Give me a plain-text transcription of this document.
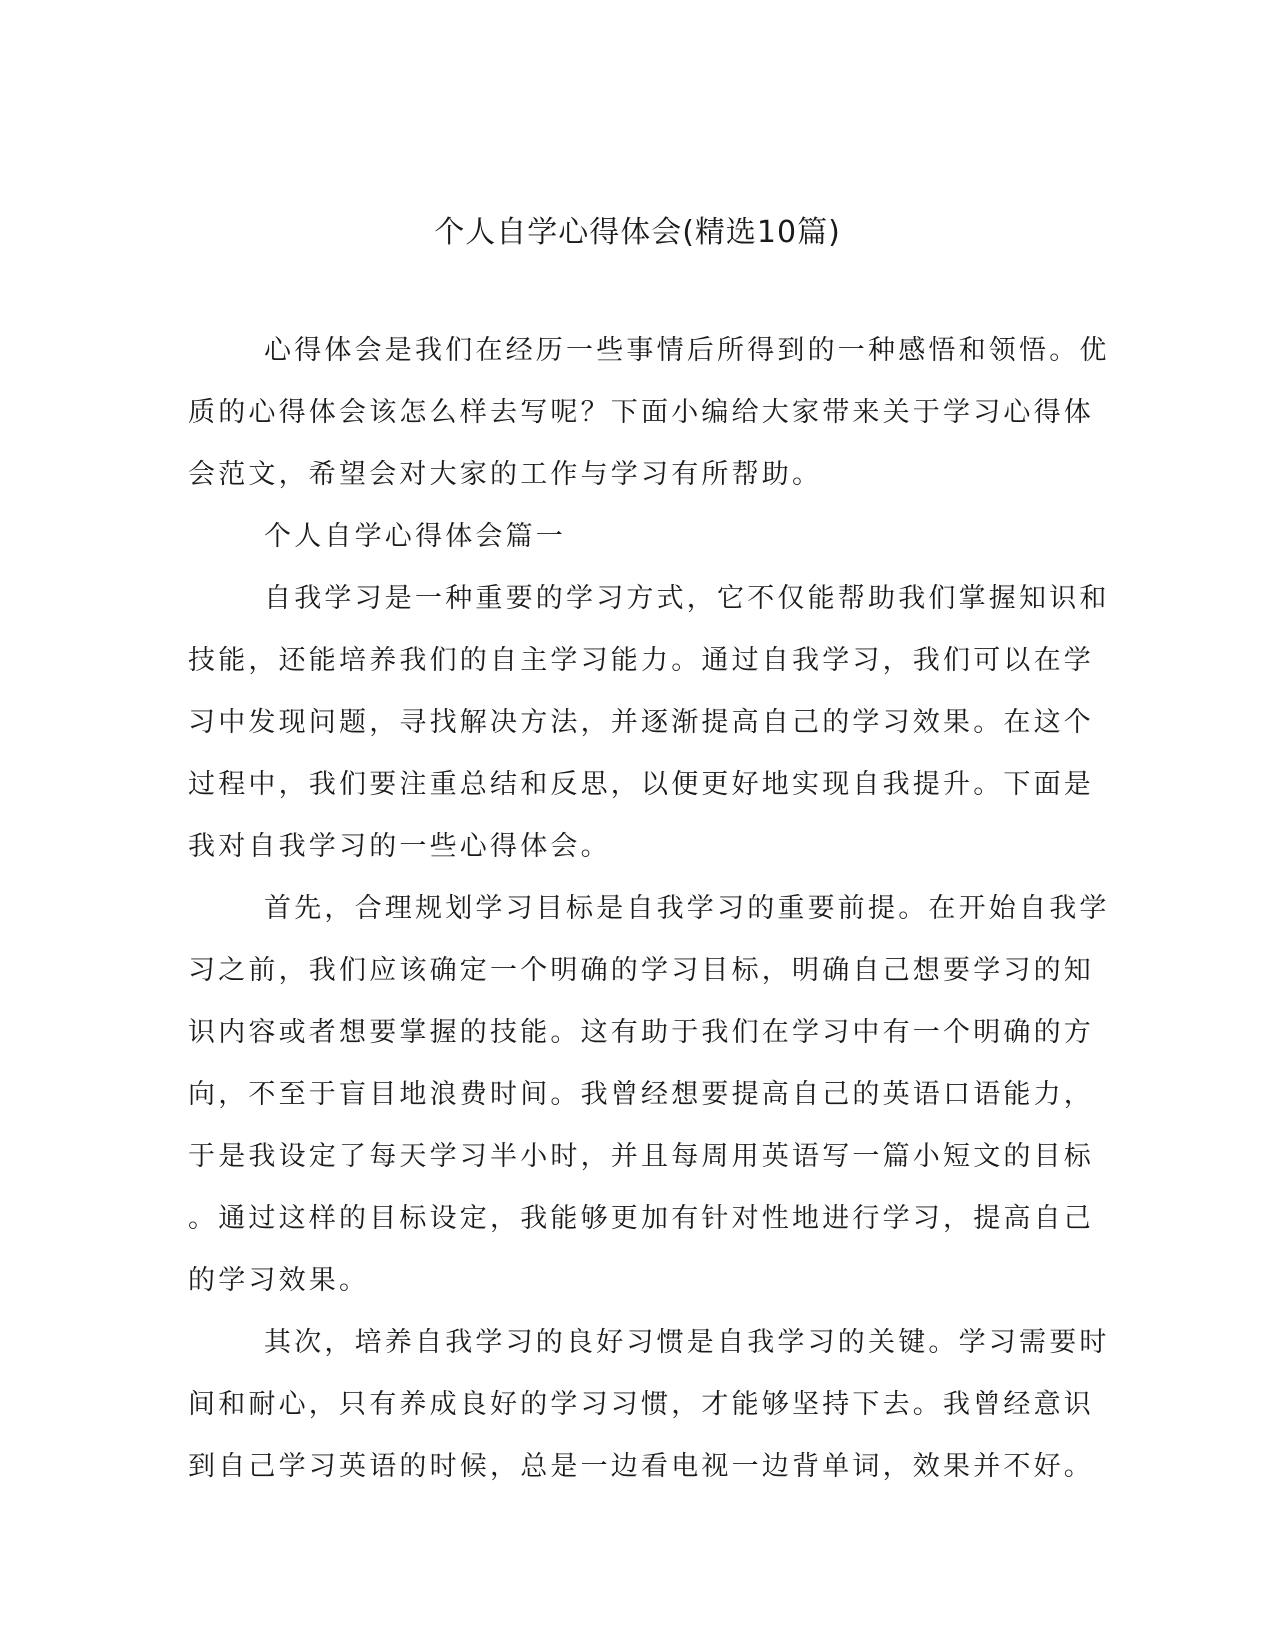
个人自学心得体会(精选10篇)
心得体会是我们在经历一些事情后所得到的一种感悟和领悟。优
质的心得体会该怎么样去写呢？下面小编给大家带来关于学习心得体
会范文，希望会对大家的工作与学习有所帮助。
个人自学心得体会篇一
自我学习是一种重要的学习方式，它不仅能帮助我们掌握知识和
技能，还能培养我们的自主学习能力。通过自我学习，我们可以在学
习中发现问题，寻找解决方法，并逐渐提高自己的学习效果。在这个
过程中，我们要注重总结和反思，以便更好地实现自我提升。下面是
我对自我学习的一些心得体会。
首先，合理规划学习目标是自我学习的重要前提。在开始自我学
习之前，我们应该确定一个明确的学习目标，明确自己想要学习的知
识内容或者想要掌握的技能。这有助于我们在学习中有一个明确的方
向，不至于盲目地浪费时间。我曾经想要提高自己的英语口语能力，
于是我设定了每天学习半小时，并且每周用英语写一篇小短文的目标
。通过这样的目标设定，我能够更加有针对性地进行学习，提高自己
的学习效果。
其次，培养自我学习的良好习惯是自我学习的关键。学习需要时
间和耐心，只有养成良好的学习习惯，才能够坚持下去。我曾经意识
到自己学习英语的时候，总是一边看电视一边背单词，效果并不好。
